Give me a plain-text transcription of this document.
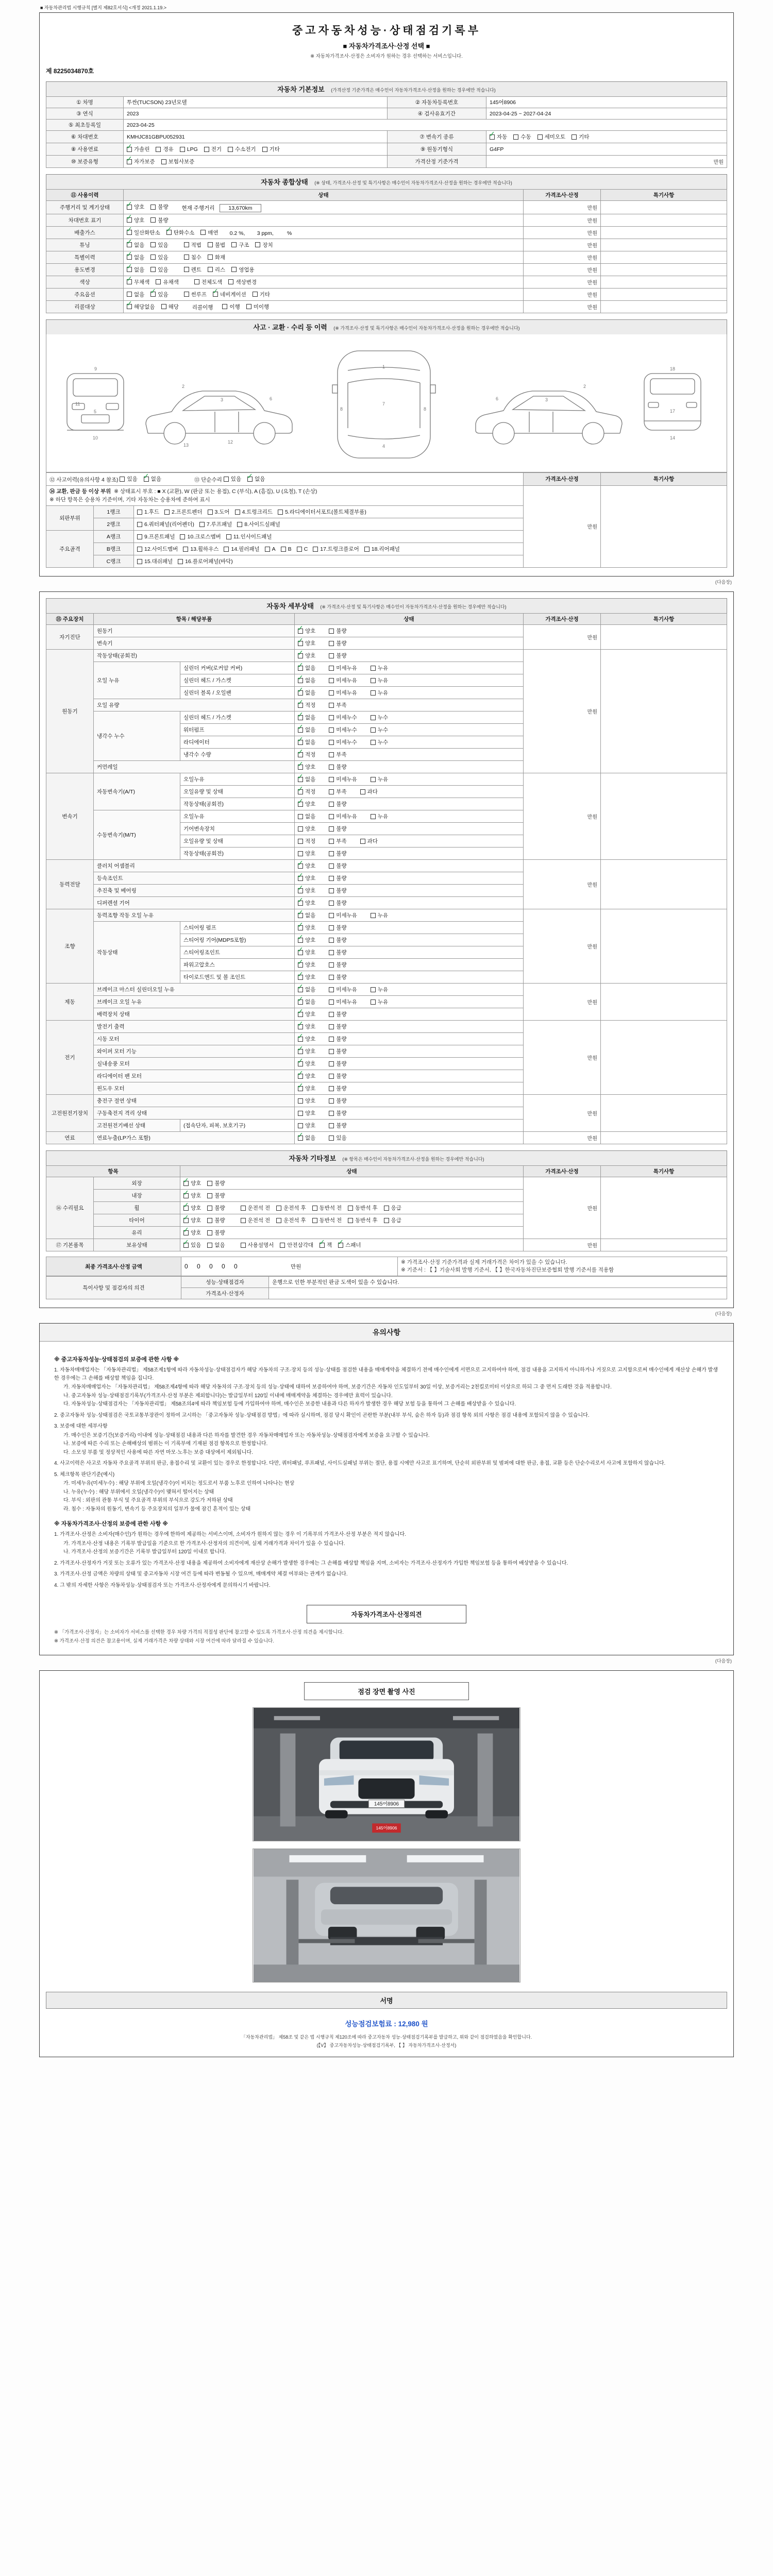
■ 자동차관리법 시행규칙 [별지 제82호서식] <개정 2021.1.19.>
중고자동차성능·상태점검기록부
■ 자동차가격조사·산정 선택 ■
※ 자동차가격조사·산정은 소비자가 원하는 경우 선택하는 서비스입니다.
제 8225034870호
자동차 기본정보 (가격산정 기준가격은 매수인이 자동차가격조사·산정을 원하는 경우에만 적습니다)
① 차명	투싼(TUCSON) 23년모델	② 자동차등록번호	145어8906
③ 연식	2023	④ 검사유효기간	2023-04-25 ~ 2027-04-24
⑤ 최초등록일	2023-04-25		
⑥ 차대번호	KMHJC81GBPU052931	⑦ 변속기 종류	✓ 자동 수동 세미오토 기타

⑧ 사용연료	✓ 가솔린 경유 LPG 전기 수소전기 기타	⑨ 원동기형식	G4FP
⑩ 보증유형	✓ 자가보증 보험사보증	가격산정 기준가격	만원
자동차 종합상태 (※ 상태, 가격조사·산정 및 특기사항은 매수인이 자동차가격조사·산정을 원하는 경우에만 적습니다)
⑪ 사용이력	상태	가격조사·산정	특기사항
주행거리 및 계기상태	✓ 양호 불량 현재 주행거리 13,670km	만원	
차대번호 표기	✓ 양호 불량	만원	
배출가스	✓ 일산화탄소 ✓ 탄화수소 매연 0.2 %,        3 ppm,         %	만원	
튜닝	✓ 없음 있음	적법 불법 구조 장치	만원	
특별이력	✓ 없음 있음 침수 화재	만원	
용도변경	✓ 없음 있음	렌트 리스 영업용	만원	
색상	✓ 무채색 유채색 전체도색 색상변경	만원	
주요옵션	없음 ✓ 있음	썬루프 ✓ 네비게이션 기타	만원	
리콜대상	✓ 해당없음 해당 리콜이행	이행 미이행	만원	
사고 · 교환 · 수리 등 이력 (※ 가격조사·산정 및 특기사항은 매수인이 자동차가격조사·산정을 원하는 경우에만 적습니다)
9
11
5
10
2
3	6
13
12
1
7
4
8	8
2
3
6
18
17
14
⑫ 사고이력(유의사항 4 참조) 있음 ✓ 없음	⑬ 단순수리 있음 ✓ 없음	가격조사·산정	특기사항

⑭ 교환, 판금 등 이상 부위 ※ 상태표시 부호 : ■ X (교환), W (판금 또는 용접), C (부식), A (흠집), U (요철), T (손상)
※ 하단 항목은 승용차 기준이며, 기타 자동차는 승용차에 준하여 표시			만원	
외판부위	1랭크	1.후드 2.프론트펜더 3.도어 4.트렁크리드 5.라디에이터서포트(볼트체결부품)		

	2랭크	6.쿼터패널(리어펜더) 7.루프패널 8.사이드실패널		

주요골격	A랭크	9.프론트패널 10.크로스멤버 11.인사이드패널		

B랭크	12.사이드멤버 13.휠하우스 14.필러패널 A B C 17.트렁크플로어 18.리어패널

	C랭크	15.대쉬패널 16.플로어패널(바닥)		
(다음장)
자동차 세부상태 (※ 가격조사·산정 및 특기사항은 매수인이 자동차가격조사·산정을 원하는 경우에만 적습니다)
⑮ 주요장치	항목 / 해당부품		상태	가격조사·산정	특기사항
자기진단	원동기		✓ 양호 불량	만원	
	변속기		✓ 양호 불량		

원동기	작동상태(공회전)		✓ 양호 불량	만원	
	오일 누유	실린더 커버(로커암 커버)	✓ 없음 미세누유 누유		

		실린더 헤드 / 가스켓	✓ 없음 미세누유 누유		

		실린더 블록 / 오일팬	✓ 없음 미세누유 누유		

	오일 유량		✓ 적정 부족		

	냉각수 누수	실린더 헤드 / 가스켓	✓ 없음 미세누수 누수		

		워터펌프	✓ 없음 미세누수 누수		

		라디에이터	✓ 없음 미세누수 누수		

		냉각수 수량	✓ 적정 부족		

	커먼레일		✓ 양호 불량		

변속기	자동변속기(A/T)	오일누유	✓ 없음 미세누유 누유	만원	
		오일유량 및 상태	✓ 적정 부족 과다		

		작동상태(공회전)	✓ 양호 불량		

	수동변속기(M/T)	오일누유	없음 미세누유 누유		

		기어변속장치	양호 불량		

		오일유량 및 상태	적정 부족 과다		

		작동상태(공회전)	양호 불량		

동력전달	클러치 어셈블리		✓ 양호 불량	만원	
	등속조인트		✓ 양호 불량		

	추진축 및 베어링		✓ 양호 불량		

	디퍼렌셜 기어		✓ 양호 불량		

조향	동력조향 작동 오일 누유		✓ 없음 미세누유 누유	만원	
	작동상태	스티어링 펌프	✓ 양호 불량		

		스티어링 기어(MDPS포함)	✓ 양호 불량		

		스티어링조인트	✓ 양호 불량		

		파워고압호스	✓ 양호 불량		

		타이로드엔드 및 볼 조인트	✓ 양호 불량		

제동	브레이크 마스터 실린더오일 누유		✓ 없음 미세누유 누유	만원	
	브레이크 오일 누유		✓ 없음 미세누유 누유		

	배력장치 상태		✓ 양호 불량		

전기	발전기 출력		✓ 양호 불량	만원	
	시동 모터		✓ 양호 불량		

	와이퍼 모터 기능		✓ 양호 불량		

	실내송풍 모터		✓ 양호 불량		

	라디에이터 팬 모터		✓ 양호 불량		

	윈도우 모터		✓ 양호 불량		

고전원전기장치	충전구 절연 상태		양호 불량	만원	
	구동축전지 격리 상태		양호 불량		

	고전원전기배선 상태	(접속단자, 피복, 보호기구)	양호 불량		

연료	연료누출(LP가스 포함)		✓ 없음 있음	만원	
자동차 기타정보 (※ 항목은 매수인이 자동차가격조사·산정을 원하는 경우에만 적습니다)
항목		상태	가격조사·산정	특기사항
⑯ 수리필요	외장	✓ 양호 불량	만원	
	내장	✓ 양호 불량		

휠	✓ 양호 불량	운전석 전 운전석 후 동반석 전 동반석 후 응급

타이어	✓ 양호 불량	운전석 전 운전석 후 동반석 전 동반석 후 응급

	유리	✓ 양호 불량		

⑰ 기본품목	보유상태	✓ 있음 없음	사용설명서 안전삼각대 ✓ 잭 ✓ 스패너	만원	
최종 가격조사·산정 금액	0 0 0 0 0	만원	
※ 가격조사·산정 기준가격과 실제 거래가격은 차이가 있을 수 있습니다.
※ 기준서 : 【 】기술사회 발행 기준서, 【 】한국자동차진단보증협회 발행 기준서를 적용함
특이사항 및 점검자의 의견	성능·상태점검자	운행으로 인한 부분적인 판금 도색이 있을 수 있습니다.
	가격조사·산정자	
(다음장)
유의사항
※ 중고자동차성능·상태점검의 보증에 관한 사항 ※
1. 자동차매매업자는 「자동차관리법」 제58조제1항에 따라 자동차성능·상태점검자가 해당 자동차의 구조·장치 등의 성능·상태를 점검한 내용을 매매계약을 체결하기 전에 매수인에게 서면으로 고지하여야 하며, 점검 내용을 고지하지 아니하거나 거짓으로 고지함으로써 매수인에게 재산상 손해가 발생한 경우에는 그 손해를 배상할 책임을 집니다.
가. 자동차매매업자는 「자동차관리법」 제58조제4항에 따라 해당 자동차의 구조·장치 등의 성능·상태에 대하여 보증하여야 하며, 보증기간은 자동차 인도일부터 30일 이상, 보증거리는 2천킬로미터 이상으로 하되 그 중 먼저 도래한 것을 적용합니다.
나. 중고자동차 성능·상태점검기록부(가격조사·산정 부분은 제외합니다)는 발급일부터 120일 이내에 매매계약을 체결하는 경우에만 효력이 있습니다.
다. 자동차성능·상태점검자는 「자동차관리법」 제58조의4에 따라 책임보험 등에 가입하여야 하며, 매수인은 보증한 내용과 다른 하자가 발생한 경우 해당 보험 등을 통하여 그 손해를 배상받을 수 있습니다.
2. 중고자동차 성능·상태점검은 국토교통부장관이 정하여 고시하는 「중고자동차 성능·상태점검 방법」에 따라 실시하며, 점검 당시 확인이 곤란한 부분(내부 부식, 숨은 하자 등)과 점검 항목 외의 사항은 점검 내용에 포함되지 않을 수 있습니다.
3. 보증에 대한 세부사항
가. 매수인은 보증기간(보증거리) 이내에 성능·상태점검 내용과 다른 하자를 발견한 경우 자동차매매업자 또는 자동차성능·상태점검자에게 보증을 요구할 수 있습니다.
나. 보증에 따른 수리 또는 손해배상의 범위는 이 기록부에 기재된 점검 항목으로 한정합니다.
다. 소모성 부품 및 정상적인 사용에 따른 자연 마모·노후는 보증 대상에서 제외됩니다.
4. 사고이력은 사고로 자동차 주요골격 부위의 판금, 용접수리 및 교환이 있는 경우로 한정합니다. 다만, 쿼터패널, 루프패널, 사이드실패널 부위는 절단, 용접 시에만 사고로 표기하며, 단순히 외판부위 및 범퍼에 대한 판금, 용접, 교환 등은 단순수리로서 사고에 포함하지 않습니다.
5. 체크항목 판단기준(예시)
가. 미세누유(미세누수) : 해당 부위에 오일(냉각수)이 비치는 정도로서 부품 노후로 인하여 나타나는 현상
나. 누유(누수) : 해당 부위에서 오일(냉각수)이 맺혀서 떨어지는 상태
다. 부식 : 외판의 관통 부식 및 주요골격 부위의 부식으로 강도가 저하된 상태
라. 침수 : 자동차의 원동기, 변속기 등 주요장치의 일부가 물에 잠긴 흔적이 있는 상태
※ 자동차가격조사·산정의 보증에 관한 사항 ※
1. 가격조사·산정은 소비자(매수인)가 원하는 경우에 한하여 제공하는 서비스이며, 소비자가 원하지 않는 경우 이 기록부의 가격조사·산정 부분은 적지 않습니다.
가. 가격조사·산정 내용은 기록부 발급일을 기준으로 한 가격조사·산정자의 의견이며, 실제 거래가격과 차이가 있을 수 있습니다.
나. 가격조사·산정의 보증기간은 기록부 발급일부터 120일 이내로 합니다.
2. 가격조사·산정자가 거짓 또는 오류가 있는 가격조사·산정 내용을 제공하여 소비자에게 재산상 손해가 발생한 경우에는 그 손해를 배상할 책임을 지며, 소비자는 가격조사·산정자가 가입한 책임보험 등을 통하여 배상받을 수 있습니다.
3. 가격조사·산정 금액은 차량의 상태 및 중고자동차 시장 여건 등에 따라 변동될 수 있으며, 매매계약 체결 여부와는 관계가 없습니다.
4. 그 밖의 자세한 사항은 자동차성능·상태점검자 또는 가격조사·산정자에게 문의하시기 바랍니다.
자동차가격조사·산정의견
※ 「가격조사·산정자」는 소비자가 서비스를 선택한 경우 차량 가격의 적절성 판단에 참고할 수 있도록 가격조사·산정 의견을 제시합니다.
※ 가격조사·산정 의견은 참고용이며, 실제 거래가격은 차량 상태와 시장 여건에 따라 달라질 수 있습니다.
(다음장)
점검 장면 촬영 사진
145어8906
145어8906
서명
성능점검보험료 : 12,980 원
「자동차관리법」 제58조 및 같은 법 시행규칙 제120조에 따라 중고자동차 성능·상태점검기록부를 발급하고, 위와 같이 점검하였음을 확인합니다.
(【V】 중고자동차성능·상태점검기록부, 【 】 자동차가격조사·산정서)
